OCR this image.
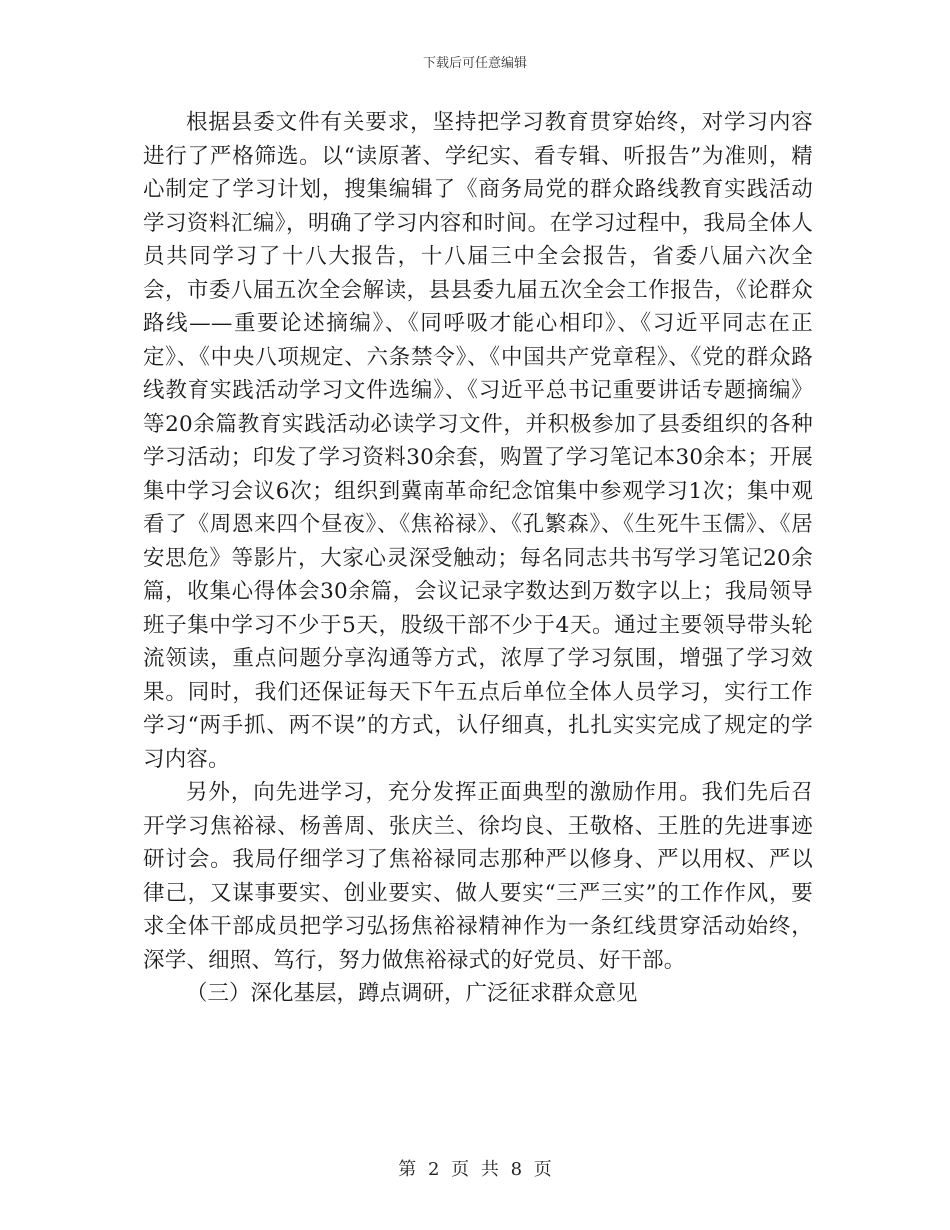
下载后可任意编辑

根据县委文件有关要求，坚持把学习教育贯穿始终，对学习内容进行了严格筛选。以“读原著、学纪实、看专辑、听报告”为准则，精心制定了学习计划，搜集编辑了《商务局党的群众路线教育实践活动学习资料汇编》，明确了学习内容和时间。在学习过程中，我局全体人员共同学习了十八大报告，十八届三中全会报告，省委八届六次全会，市委八届五次全会解读，县县委九届五次全会工作报告，《论群众路线——重要论述摘编》、《同呼吸才能心相印》、《习近平同志在正定》、《中央八项规定、六条禁令》、《中国共产党章程》、《党的群众路线教育实践活动学习文件选编》、《习近平总书记重要讲话专题摘编》等20余篇教育实践活动必读学习文件，并积极参加了县委组织的各种学习活动；印发了学习资料30余套，购置了学习笔记本30余本；开展集中学习会议6次；组织到冀南革命纪念馆集中参观学习1次；集中观看了《周恩来四个昼夜》、《焦裕禄》、《孔繁森》、《生死牛玉儒》、《居安思危》等影片，大家心灵深受触动；每名同志共书写学习笔记20余篇，收集心得体会30余篇，会议记录字数达到万数字以上；我局领导班子集中学习不少于5天，股级干部不少于4天。通过主要领导带头轮流领读，重点问题分享沟通等方式，浓厚了学习氛围，增强了学习效果。同时，我们还保证每天下午五点后单位全体人员学习，实行工作学习“两手抓、两不误”的方式，认仔细真，扎扎实实完成了规定的学习内容。

另外，向先进学习，充分发挥正面典型的激励作用。我们先后召开学习焦裕禄、杨善周、张庆兰、徐均良、王敬格、王胜的先进事迹研讨会。我局仔细学习了焦裕禄同志那种严以修身、严以用权、严以律己，又谋事要实、创业要实、做人要实“三严三实”的工作作风，要求全体干部成员把学习弘扬焦裕禄精神作为一条红线贯穿活动始终，深学、细照、笃行，努力做焦裕禄式的好党员、好干部。

（三）深化基层，蹲点调研，广泛征求群众意见

第 2 页 共 8 页
